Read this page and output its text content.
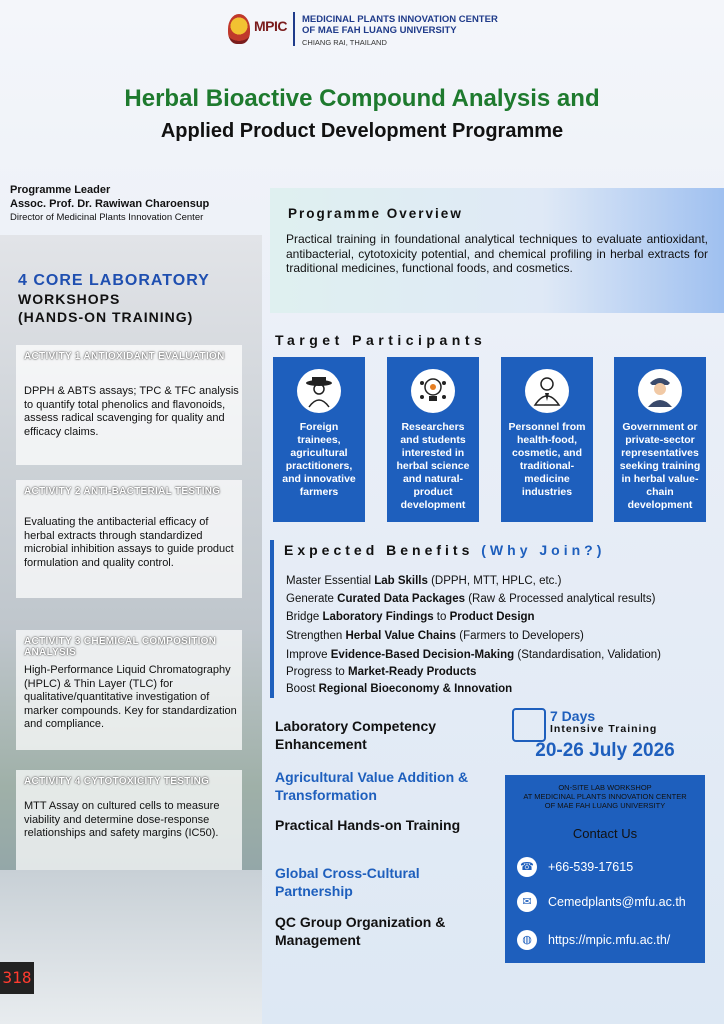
MPIC MEDICINAL PLANTS INNOVATION CENTER
OF MAE FAH LUANG UNIVERSITY
CHIANG RAI, THAILAND
Herbal Bioactive Compound Analysis and
Applied Product Development Programme
318
Programme Leader
Assoc. Prof. Dr. Rawiwan Charoensup
Director of Medicinal Plants Innovation Center
4 CORE LABORATORY
WORKSHOPS
(HANDS-ON TRAINING)
ACTIVITY 1 ANTIOXIDANT EVALUATION
DPPH & ABTS assays; TPC & TFC analysis to quantify total phenolics and flavonoids, assess radical scavenging for quality and efficacy claims.
ACTIVITY 2 ANTI-BACTERIAL TESTING
Evaluating the antibacterial efficacy of herbal extracts through standardized microbial inhibition assays to guide product formulation and quality control.
ACTIVITY 3 CHEMICAL COMPOSITION ANALYSIS
High-Performance Liquid Chromatography (HPLC) & Thin Layer (TLC) for qualitative/quantitative investigation of marker compounds. Key for standardization and compliance.
ACTIVITY 4 CYTOTOXICITY TESTING
MTT Assay on cultured cells to measure viability and determine dose-response relationships and safety margins (IC50).
Programme Overview
Practical training in foundational analytical techniques to evaluate antioxidant, antibacterial, cytotoxicity potential, and chemical profiling in herbal extracts for traditional medicines, functional foods, and cosmetics.
Target Participants
Foreign trainees, agricultural practitioners, and innovative farmers
Researchers and students interested in herbal science and natural-product development
Personnel from health-food, cosmetic, and traditional-medicine industries
Government or private-sector representatives seeking training in herbal value-chain development
Expected Benefits (Why Join?)
Master Essential Lab Skills (DPPH, MTT, HPLC, etc.)
Generate Curated Data Packages (Raw & Processed analytical results)
Bridge Laboratory Findings to Product Design
Strengthen Herbal Value Chains (Farmers to Developers)
Improve Evidence-Based Decision-Making (Standardisation, Validation)
Progress to Market-Ready Products
Boost Regional Bioeconomy & Innovation
Laboratory Competency Enhancement
Agricultural Value Addition & Transformation
Practical Hands-on Training
Global Cross-Cultural Partnership
QC Group Organization & Management
7 Days
Intensive Training
20-26 July 2026
ON-SITE LAB WORKSHOP
AT MEDICINAL PLANTS INNOVATION CENTER
OF MAE FAH LUANG UNIVERSITY
Contact Us
☎ +66-539-17615
✉	Cemedplants@mfu.ac.th
◍	https://mpic.mfu.ac.th/
